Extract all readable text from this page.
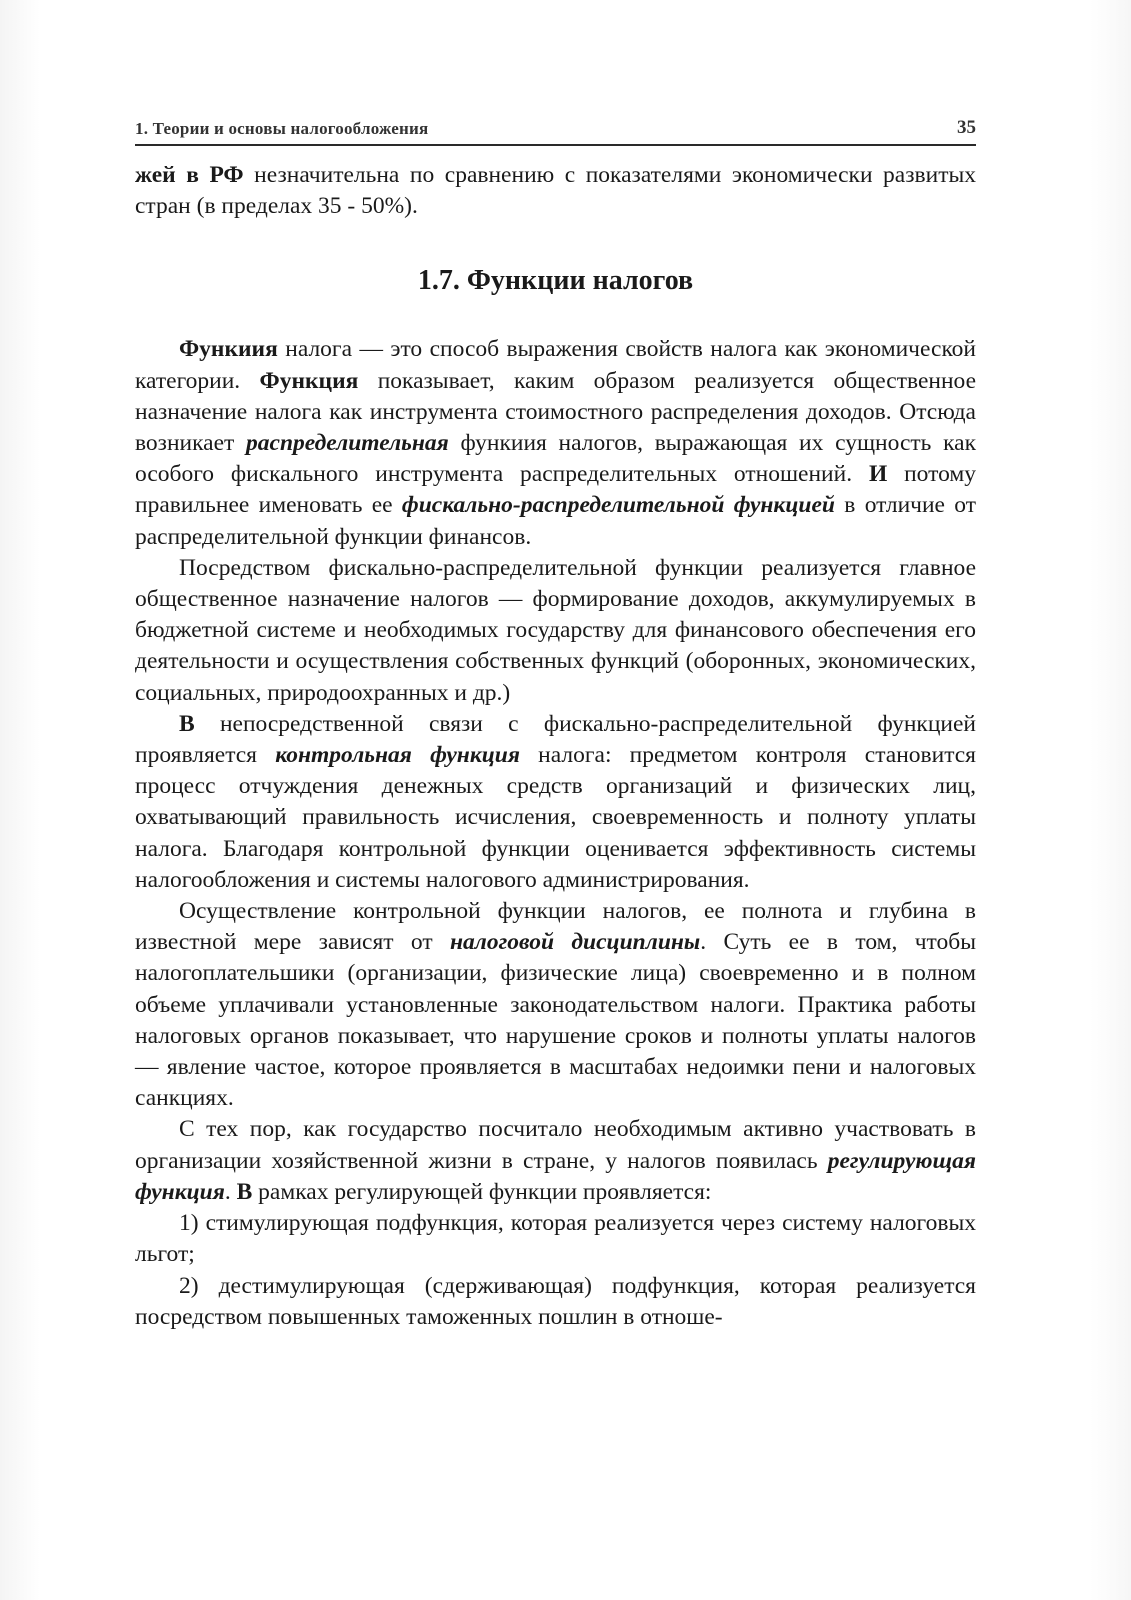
1. Теории и основы налогообложения	35

жей в РФ незначительна по сравнению с показателями экономически развитых стран (в пределах 35 - 50%).

1.7. Функции налогов

Функиия налога — это способ выражения свойств налога как экономической категории. Функция показывает, каким образом реализуется общественное назначение налога как инструмента стоимостного распределения доходов. Отсюда возникает распределительная функиия налогов, выражающая их сущность как особого фискального инструмента распределительных отношений. И потому правильнее именовать ее фискально-распределительной функцией в отличие от распределительной функции финансов.

Посредством фискально-распределительной функции реализуется главное общественное назначение налогов — формирование доходов, аккумулируемых в бюджетной системе и необходимых государству для финансового обеспечения его деятельности и осуществления собственных функций (оборонных, экономических, социальных, природоохранных и др.)

В непосредственной связи с фискально-распределительной функцией проявляется контрольная функция налога: предметом контроля становится процесс отчуждения денежных средств организаций и физических лиц, охватывающий правильность исчисления, своевременность и полноту уплаты налога. Благодаря контрольной функции оценивается эффективность системы налогообложения и системы налогового администрирования.

Осуществление контрольной функции налогов, ее полнота и глубина в известной мере зависят от налоговой дисциплины. Суть ее в том, чтобы налогоплательшики (организации, физические лица) своевременно и в полном объеме уплачивали установленные законодательством налоги. Практика работы налоговых органов показывает, что нарушение сроков и полноты уплаты налогов — явление частое, которое проявляется в масштабах недоимки пени и налоговых санкциях.

С тех пор, как государство посчитало необходимым активно участвовать в организации хозяйственной жизни в стране, у налогов появилась регулирующая функция. В рамках регулирующей функции проявляется:

1) стимулирующая подфункция, которая реализуется через систему налоговых льгот;

2) дестимулирующая (сдерживающая) подфункция, которая реализуется посредством повышенных таможенных пошлин в отноше-
